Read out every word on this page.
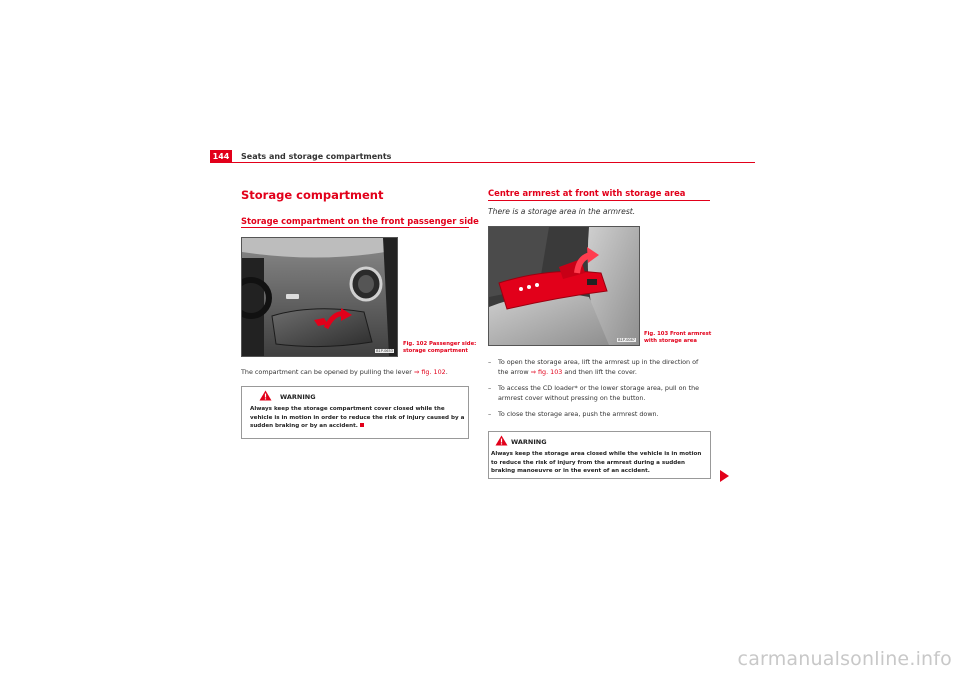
144	Seats and storage compartments
Storage compartment
Storage compartment on the front passenger side
B1P-0653
Fig. 102 Passenger side:
storage compartment
The compartment can be opened by pulling the lever ⇒ fig. 102.
WARNING
Always keep the storage compartment cover closed while the vehicle is in motion in order to reduce the risk of injury caused by a sudden braking or by an accident.
Centre armrest at front with storage area
There is a storage area in the armrest.
B1P-0087
Fig. 103 Front armrest
with storage area
– To open the storage area, lift the armrest up in the direction of the arrow ⇒ fig. 103 and then lift the cover.
– To access the CD loader* or the lower storage area, pull on the armrest cover without pressing on the button.
– To close the storage area, push the armrest down.
WARNING
Always keep the storage area closed while the vehicle is in motion to reduce the risk of injury from the armrest during a sudden braking manoeuvre or in the event of an accident.
carmanualsonline.info
